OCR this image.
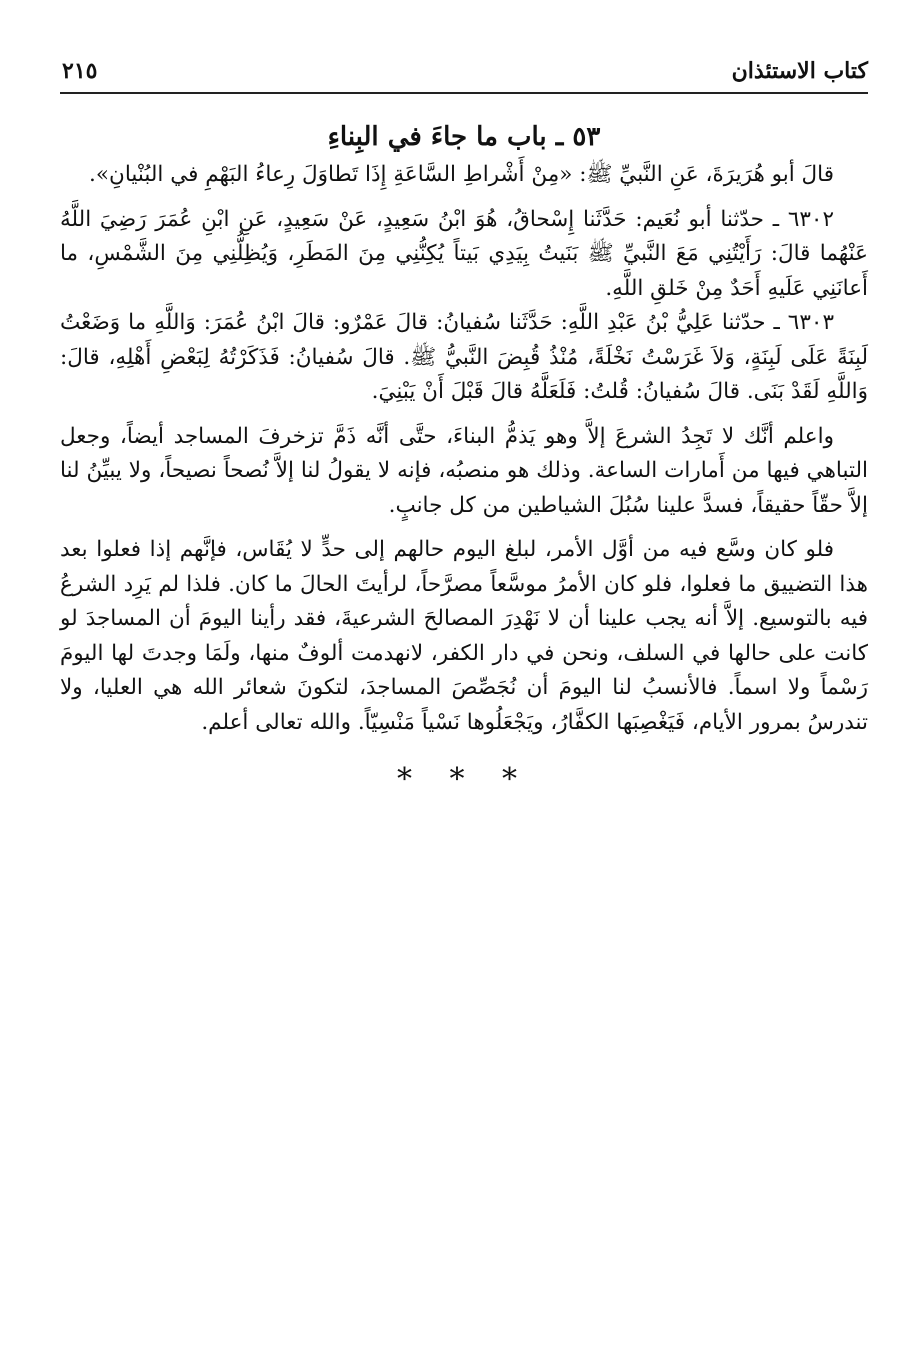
كتاب الاستئذان
٢١٥
٥٣ ـ باب ما جاءَ في البِناءِ

قالَ أبو هُرَيرَةَ، عَنِ النَّبيِّ ﷺ: «مِنْ أَشْراطِ السَّاعَةِ إِذَا تَطاوَلَ رِعاءُ البَهْمِ في البُنْيانِ».

٦٣٠٢ ـ حدّثنا أبو نُعَيم: حَدَّثَنا إِسْحاقُ، هُوَ ابْنُ سَعِيدٍ، عَنْ سَعِيدٍ، عَنِ ابْنِ عُمَرَ رَضِيَ اللَّهُ عَنْهُما قالَ: رَأَيْتُنِي مَعَ النَّبيِّ ﷺ بَنَيتُ بِيَدِي بَيتاً يُكِنُّنِي مِنَ المَطَرِ، وَيُظِلُّنِي مِنَ الشَّمْسِ، ما أَعانَنِي عَلَيهِ أَحَدٌ مِنْ خَلقِ اللَّهِ.

٦٣٠٣ ـ حدّثنا عَلِيُّ بْنُ عَبْدِ اللَّهِ: حَدَّثَنا سُفيانُ: قالَ عَمْرٌو: قالَ ابْنُ عُمَرَ: وَاللَّهِ ما وَضَعْتُ لَبِنَةً عَلَى لَبِنَةٍ، وَلاَ غَرَسْتُ نَخْلَةً، مُنْذُ قُبِضَ النَّبيُّ ﷺ. قالَ سُفيانُ: فَذَكَرْتُهُ لِبَعْضِ أَهْلِهِ، قالَ: وَاللَّهِ لَقَدْ بَنَى. قالَ سُفيانُ: قُلتُ: فَلَعَلَّهُ قالَ قَبْلَ أَنْ يَبْنِيَ.

واعلم أنَّك لا تَجِدُ الشرعَ إلاَّ وهو يَذمُّ البناءَ، حتَّى أنَّه ذَمَّ تزخرفَ المساجد أيضاً، وجعل التباهي فيها من أَمارات الساعة. وذلك هو منصبُه، فإنه لا يقولُ لنا إلاَّ نُصحاً نصيحاً، ولا يبيِّنُ لنا إلاَّ حقّاً حقيقاً، فسدَّ علينا سُبُلَ الشياطين من كل جانبٍ.

فلو كان وسَّع فيه من أوَّل الأمر، لبلغ اليوم حالهم إلى حدٍّ لا يُقَاس، فإنَّهم إذا فعلوا بعد هذا التضييق ما فعلوا، فلو كان الأمرُ موسَّعاً مصرَّحاً، لرأيتَ الحالَ ما كان. فلذا لم يَرِد الشرعُ فيه بالتوسيع. إلاَّ أنه يجب علينا أن لا نَهْدِرَ المصالحَ الشرعيةَ، فقد رأينا اليومَ أن المساجدَ لو كانت على حالها في السلف، ونحن في دار الكفر، لانهدمت ألوفٌ منها، ولَمَا وجدتَ لها اليومَ رَسْماً ولا اسماً. فالأنسبُ لنا اليومَ أن نُجَصِّصَ المساجدَ، لتكونَ شعائر الله هي العليا، ولا تندرسُ بمرور الأيام، فَيَغْصِبَها الكفَّارُ، ويَجْعَلُوها نَسْياً مَنْسِيّاً. والله تعالى أعلم.

* * *
